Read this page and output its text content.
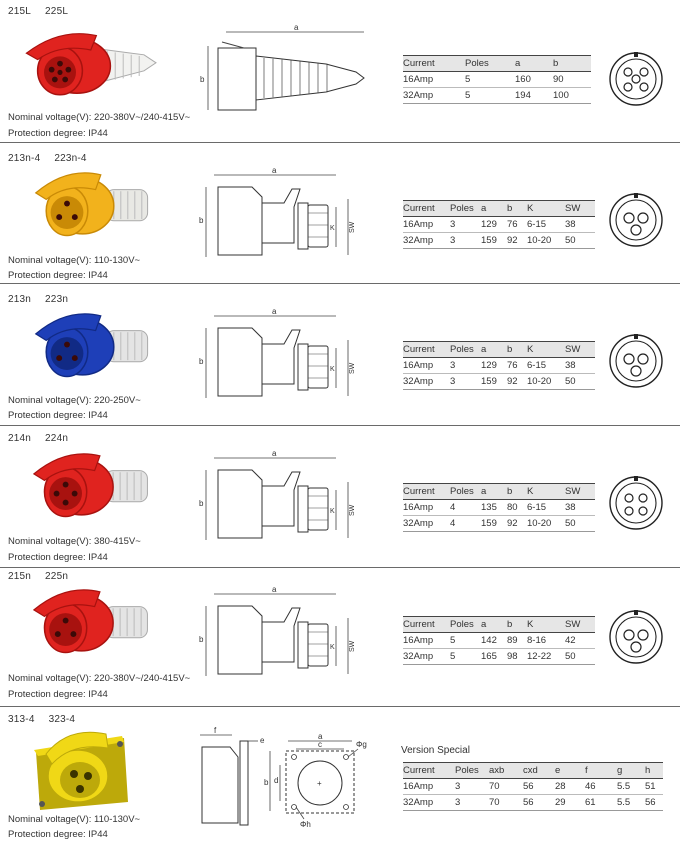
215L 225L
Nominal voltage(V): 220-380V~/240-415V~
Protection degree: IP44
a
b
Current	Poles	a	b
16Amp	5	160	90
32Amp	5	194	100
213n-4 223n-4
Nominal voltage(V): 110-130V~
Protection degree: IP44
a
b
K SW
Current	Poles	a	b	K	SW
16Amp	3	129	76	6-15	38
32Amp	3	159	92	10-20	50
213n 223n
Nominal voltage(V): 220-250V~
Protection degree: IP44
a
b
K SW
Current	Poles	a	b	K	SW
16Amp	3	129	76	6-15	38
32Amp	3	159	92	10-20	50
214n 224n
Nominal voltage(V): 380-415V~
Protection degree: IP44
a
b
K SW
Current	Poles	a	b	K	SW
16Amp	4	135	80	6-15	38
32Amp	4	159	92	10-20	50
215n 225n
Nominal voltage(V): 220-380V~/240-415V~
Protection degree: IP44
a
b
K SW
Current	Poles	a	b	K	SW
16Amp	5	142	89	8-16	42
32Amp	5	165	98	12-22	50
313-4 323-4
Nominal voltage(V): 110-130V~
Protection degree: IP44
f
e
b d
a
c
+
Φg
Φh
Version Special
Current	Poles	axb	cxd	e	f	g	h
16Amp	3	70	56	28	46	5.5	51
32Amp	3	70	56	29	61	5.5	56
